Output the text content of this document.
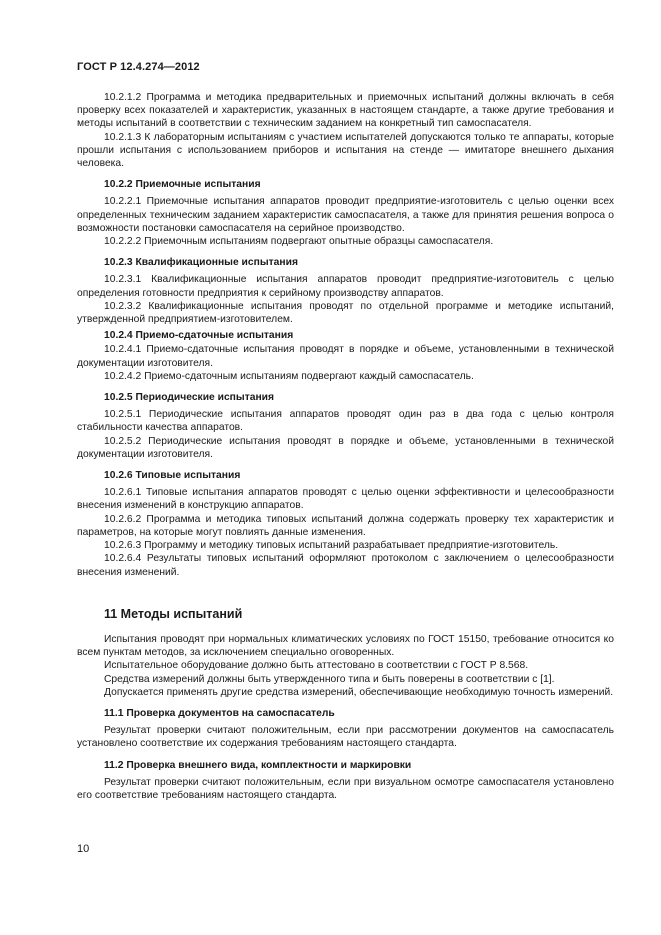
ГОСТ Р 12.4.274—2012

10.2.1.2 Программа и методика предварительных и приемочных испытаний должны включать в себя проверку всех показателей и характеристик, указанных в настоящем стандарте, а также другие требования и методы испытаний в соответствии с техническим заданием на конкретный тип самоспасателя.

10.2.1.3 К лабораторным испытаниям с участием испытателей допускаются только те аппараты, которые прошли испытания с использованием приборов и испытания на стенде — имитаторе внешнего дыхания человека.

10.2.2 Приемочные испытания

10.2.2.1 Приемочные испытания аппаратов проводит предприятие-изготовитель с целью оценки всех определенных техническим заданием характеристик самоспасателя, а также для принятия решения вопроса о возможности постановки самоспасателя на серийное производство.

10.2.2.2 Приемочным испытаниям подвергают опытные образцы самоспасателя.

10.2.3 Квалификационные испытания

10.2.3.1 Квалификационные испытания аппаратов проводит предприятие-изготовитель с целью определения готовности предприятия к серийному производству аппаратов.

10.2.3.2 Квалификационные испытания проводят по отдельной программе и методике испытаний, утвержденной предприятием-изготовителем.

10.2.4 Приемо-сдаточные испытания

10.2.4.1 Приемо-сдаточные испытания проводят в порядке и объеме, установленными в технической документации изготовителя.

10.2.4.2 Приемо-сдаточным испытаниям подвергают каждый самоспасатель.

10.2.5 Периодические испытания

10.2.5.1 Периодические испытания аппаратов проводят один раз в два года с целью контроля стабильности качества аппаратов.

10.2.5.2 Периодические испытания проводят в порядке и объеме, установленными в технической документации изготовителя.

10.2.6 Типовые испытания

10.2.6.1 Типовые испытания аппаратов проводят с целью оценки эффективности и целесообразности внесения изменений в конструкцию аппаратов.

10.2.6.2 Программа и методика типовых испытаний должна содержать проверку тех характеристик и параметров, на которые могут повлиять данные изменения.

10.2.6.3 Программу и методику типовых испытаний разрабатывает предприятие-изготовитель.

10.2.6.4 Результаты типовых испытаний оформляют протоколом с заключением о целесообразности внесения изменений.

11 Методы испытаний

Испытания проводят при нормальных климатических условиях по ГОСТ 15150, требование относится ко всем пунктам методов, за исключением специально оговоренных.

Испытательное оборудование должно быть аттестовано в соответствии с ГОСТ Р 8.568.

Средства измерений должны быть утвержденного типа и быть поверены в соответствии с [1].

Допускается применять другие средства измерений, обеспечивающие необходимую точность измерений.

11.1 Проверка документов на самоспасатель

Результат проверки считают положительным, если при рассмотрении документов на самоспасатель установлено соответствие их содержания требованиям настоящего стандарта.

11.2 Проверка внешнего вида, комплектности и маркировки

Результат проверки считают положительным, если при визуальном осмотре самоспасателя установлено его соответствие требованиям настоящего стандарта.

10
